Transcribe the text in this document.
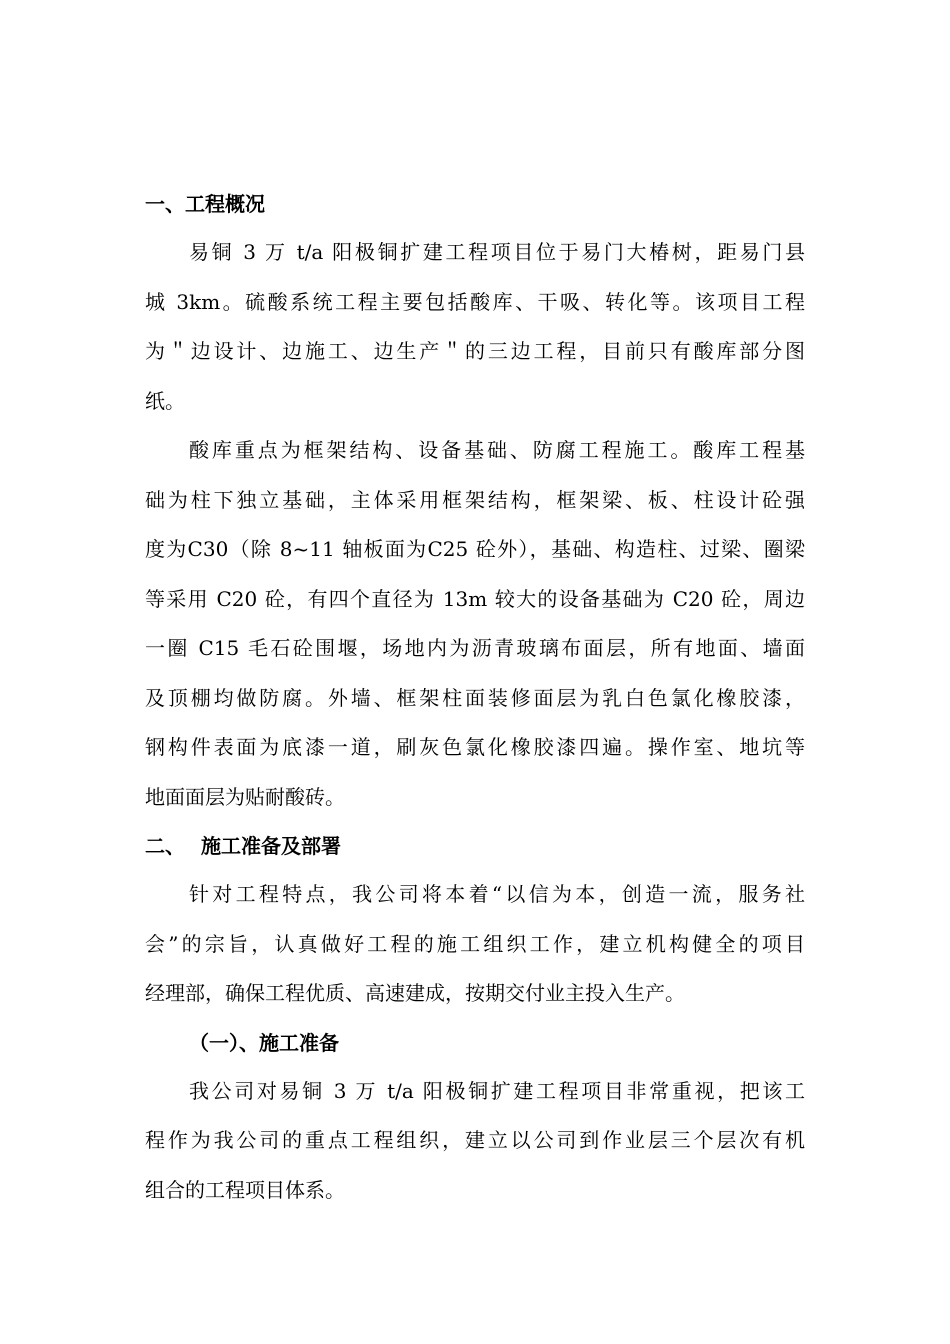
一、工程概况
易铜 3 万 t/a 阳极铜扩建工程项目位于易门大椿树，距易门县
城 3km。硫酸系统工程主要包括酸库、干吸、转化等。该项目工程
为＂边设计、边施工、边生产＂的三边工程，目前只有酸库部分图
纸。
酸库重点为框架结构、设备基础、防腐工程施工。酸库工程基
础为柱下独立基础，主体采用框架结构，框架梁、板、柱设计砼强
度为C30（除 8~11 轴板面为C25 砼外），基础、构造柱、过梁、圈梁
等采用 C20 砼，有四个直径为 13m 较大的设备基础为 C20 砼，周边
一圈 C15 毛石砼围堰，场地内为沥青玻璃布面层，所有地面、墙面
及顶棚均做防腐。外墙、框架柱面装修面层为乳白色氯化橡胶漆，
钢构件表面为底漆一道，刷灰色氯化橡胶漆四遍。操作室、地坑等
地面面层为贴耐酸砖。
二、 施工准备及部署
针对工程特点，我公司将本着“以信为本，创造一流，服务社
会”的宗旨，认真做好工程的施工组织工作，建立机构健全的项目
经理部，确保工程优质、高速建成，按期交付业主投入生产。
（一）、施工准备
我公司对易铜 3 万 t/a 阳极铜扩建工程项目非常重视，把该工
程作为我公司的重点工程组织，建立以公司到作业层三个层次有机
组合的工程项目体系。
